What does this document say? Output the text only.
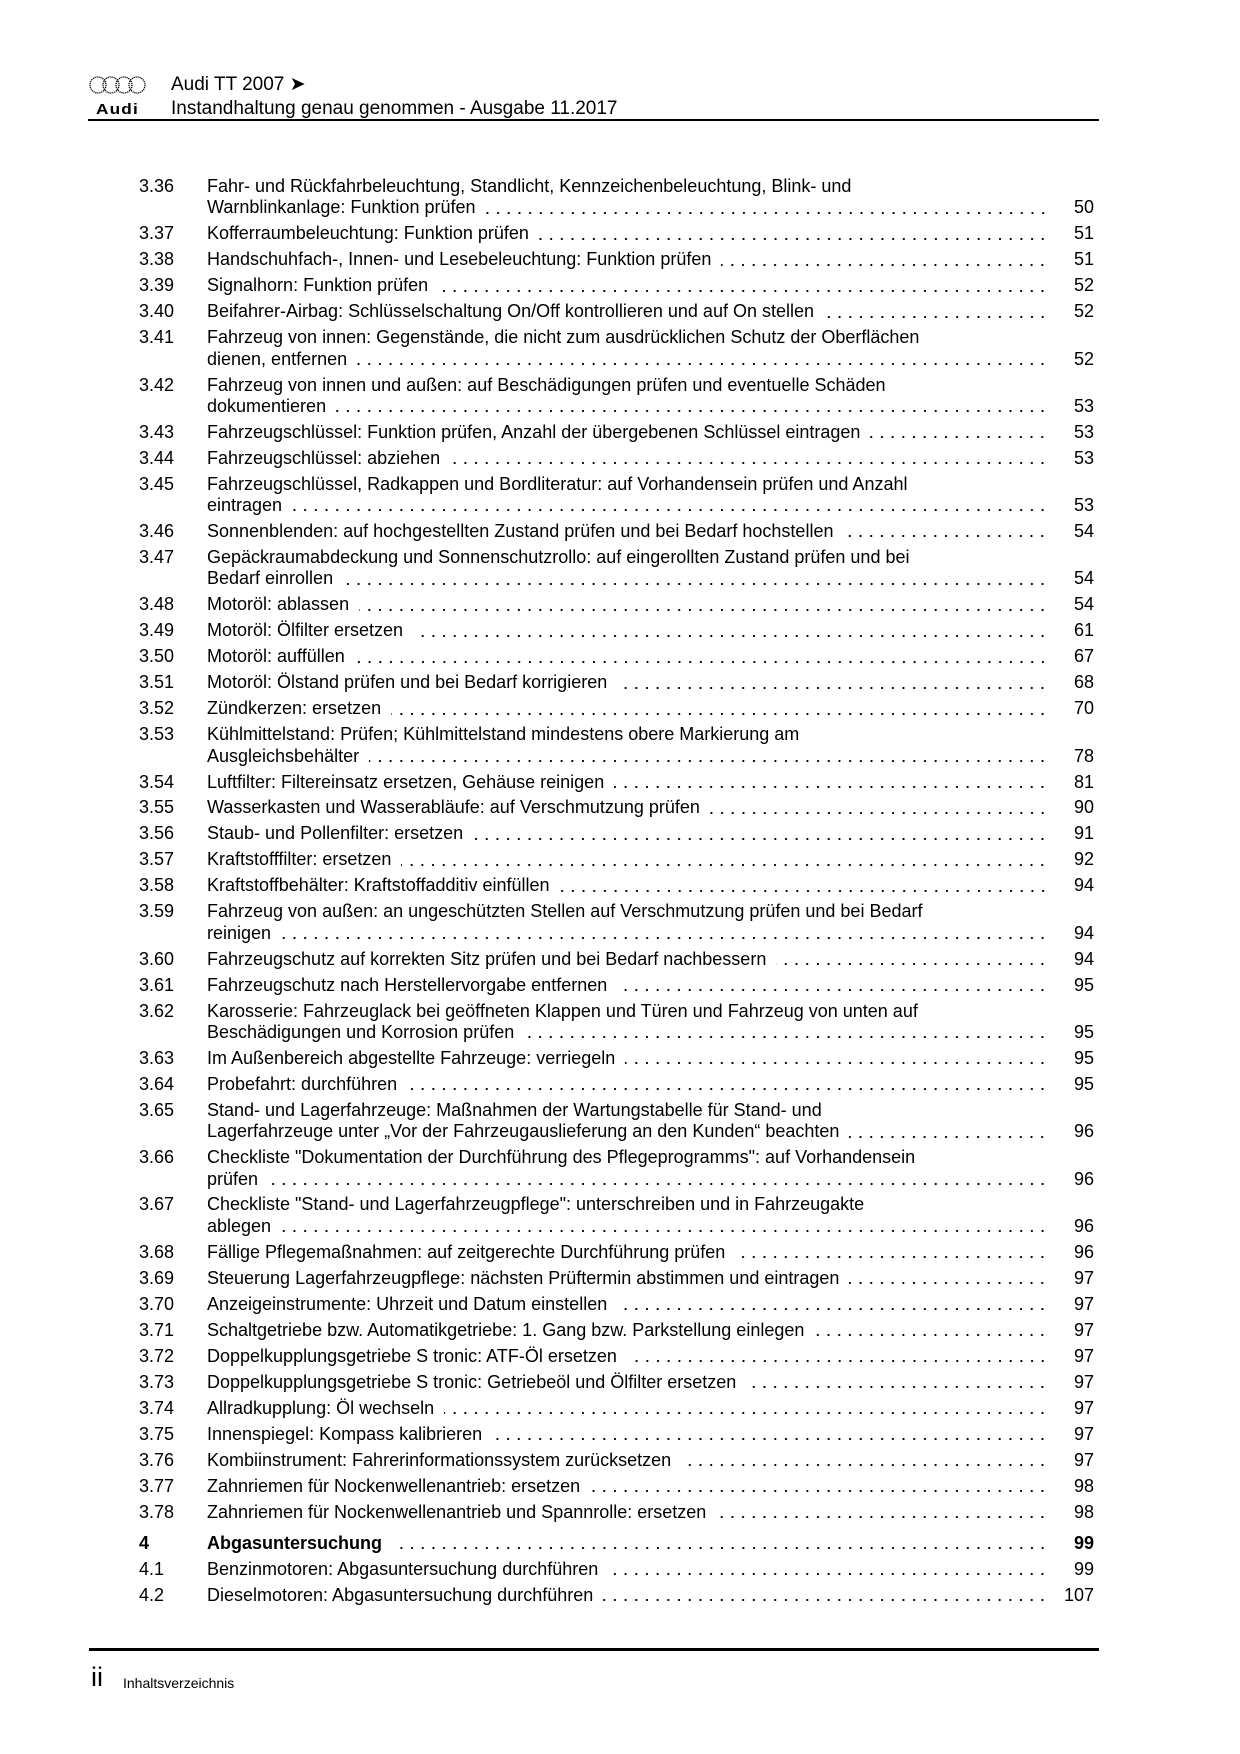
Audi
Audi TT 2007 ➤
Instandhaltung genau genommen - Ausgabe 11.2017
3.36 Fahr- und Rückfahrbeleuchtung, Standlicht, Kennzeichenbeleuchtung, Blink- und
Warnblinkanlage: Funktion prüfen	50
3.37 Kofferraumbeleuchtung: Funktion prüfen	51
3.38 Handschuhfach-, Innen- und Lesebeleuchtung: Funktion prüfen	51
3.39 Signalhorn: Funktion prüfen	52
3.40 Beifahrer-Airbag: Schlüsselschaltung On/Off kontrollieren und auf On stellen	52
3.41 Fahrzeug von innen: Gegenstände, die nicht zum ausdrücklichen Schutz der Oberflächen
dienen, entfernen	52
3.42 Fahrzeug von innen und außen: auf Beschädigungen prüfen und eventuelle Schäden
dokumentieren	53
3.43 Fahrzeugschlüssel: Funktion prüfen, Anzahl der übergebenen Schlüssel eintragen	53
3.44 Fahrzeugschlüssel: abziehen	53
3.45 Fahrzeugschlüssel, Radkappen und Bordliteratur: auf Vorhandensein prüfen und Anzahl
eintragen	53
3.46 Sonnenblenden: auf hochgestellten Zustand prüfen und bei Bedarf hochstellen	54
3.47 Gepäckraumabdeckung und Sonnenschutzrollo: auf eingerollten Zustand prüfen und bei
Bedarf einrollen	54
3.48 Motoröl: ablassen	54
3.49 Motoröl: Ölfilter ersetzen	61
3.50 Motoröl: auffüllen	67
3.51 Motoröl: Ölstand prüfen und bei Bedarf korrigieren	68
3.52 Zündkerzen: ersetzen	70
3.53 Kühlmittelstand: Prüfen; Kühlmittelstand mindestens obere Markierung am
Ausgleichsbehälter	78
3.54 Luftfilter: Filtereinsatz ersetzen, Gehäuse reinigen	81
3.55 Wasserkasten und Wasserabläufe: auf Verschmutzung prüfen	90
3.56 Staub- und Pollenfilter: ersetzen	91
3.57 Kraftstofffilter: ersetzen	92
3.58 Kraftstoffbehälter: Kraftstoffadditiv einfüllen	94
3.59 Fahrzeug von außen: an ungeschützten Stellen auf Verschmutzung prüfen und bei Bedarf
reinigen	94
3.60 Fahrzeugschutz auf korrekten Sitz prüfen und bei Bedarf nachbessern	94
3.61 Fahrzeugschutz nach Herstellervorgabe entfernen	95
3.62 Karosserie: Fahrzeuglack bei geöffneten Klappen und Türen und Fahrzeug von unten auf
Beschädigungen und Korrosion prüfen	95
3.63 Im Außenbereich abgestellte Fahrzeuge: verriegeln	95
3.64 Probefahrt: durchführen	95
3.65 Stand- und Lagerfahrzeuge: Maßnahmen der Wartungstabelle für Stand- und
Lagerfahrzeuge unter „Vor der Fahrzeugauslieferung an den Kunden“ beachten	96
3.66 Checkliste "Dokumentation der Durchführung des Pflegeprogramms": auf Vorhandensein
prüfen	96
3.67 Checkliste "Stand- und Lagerfahrzeugpflege": unterschreiben und in Fahrzeugakte
ablegen	96
3.68 Fällige Pflegemaßnahmen: auf zeitgerechte Durchführung prüfen	96
3.69 Steuerung Lagerfahrzeugpflege: nächsten Prüftermin abstimmen und eintragen	97
3.70 Anzeigeinstrumente: Uhrzeit und Datum einstellen	97
3.71 Schaltgetriebe bzw. Automatikgetriebe: 1. Gang bzw. Parkstellung einlegen	97
3.72 Doppelkupplungsgetriebe S tronic: ATF-Öl ersetzen	97
3.73 Doppelkupplungsgetriebe S tronic: Getriebeöl und Ölfilter ersetzen	97
3.74 Allradkupplung: Öl wechseln	97
3.75 Innenspiegel: Kompass kalibrieren	97
3.76 Kombiinstrument: Fahrerinformationssystem zurücksetzen	97
3.77 Zahnriemen für Nockenwellenantrieb: ersetzen	98
3.78 Zahnriemen für Nockenwellenantrieb und Spannrolle: ersetzen	98
4	Abgasuntersuchung	99
4.1 Benzinmotoren: Abgasuntersuchung durchführen	99
4.2 Dieselmotoren: Abgasuntersuchung durchführen	107
ii Inhaltsverzeichnis
